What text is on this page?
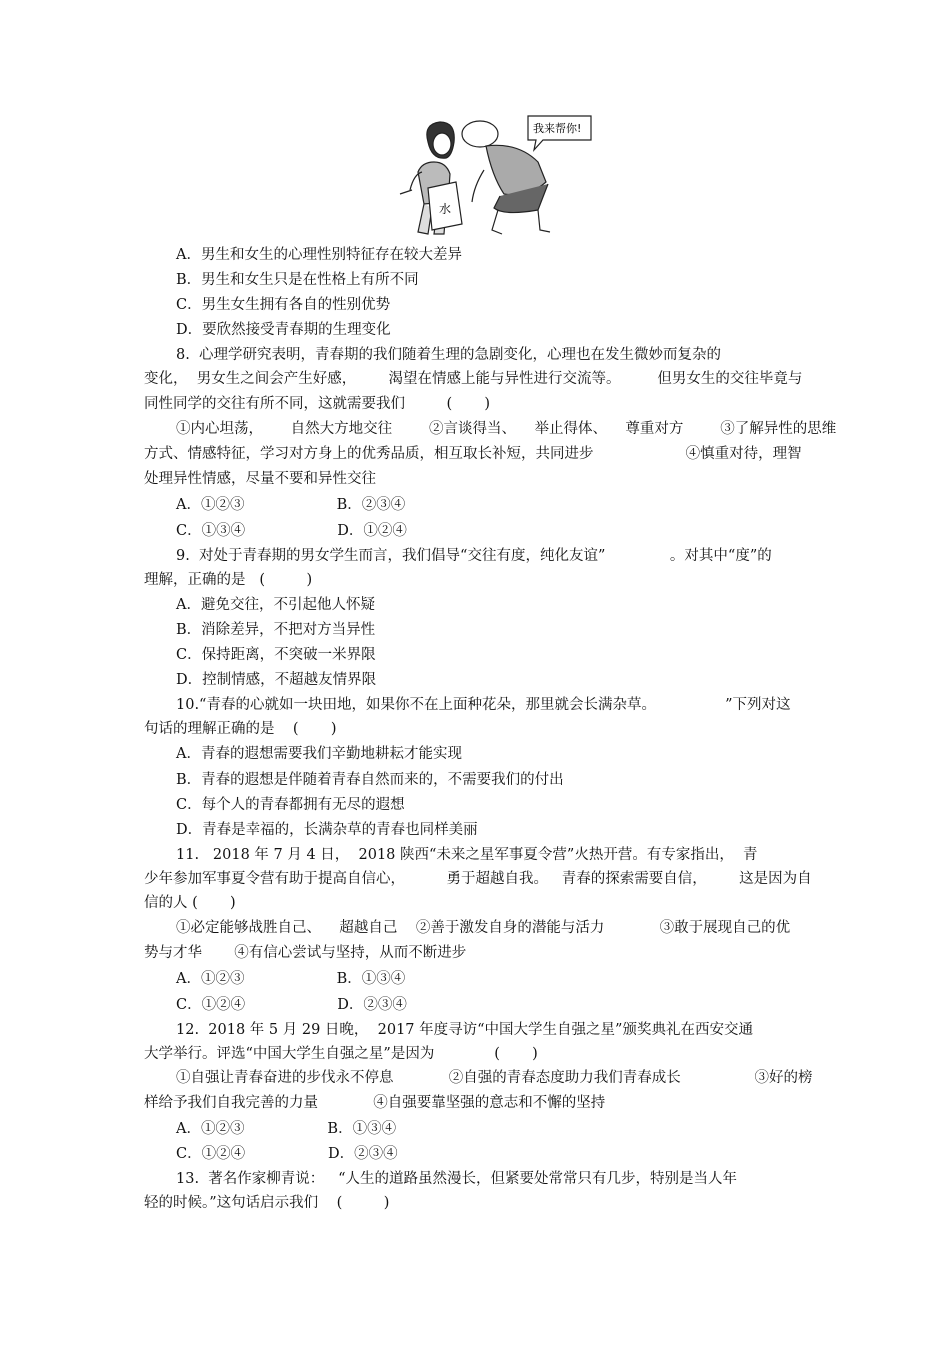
水
我来帮你!
A．男生和女生的心理性别特征存在较大差异
B．男生和女生只是在性格上有所不同
C．男生女生拥有各自的性别优势
D．要欣然接受青春期的生理变化
8.  心理学研究表明，青春期的我们随着生理的急剧变化，心理也在发生微妙而复杂的
变化，  男女生之间会产生好感，       渴望在情感上能与异性进行交流等。        但男女生的交往毕竟与
同性同学的交往有所不同，这就需要我们         (       )
①内心坦荡，      自然大方地交往        ②言谈得当、    举止得体、    尊重对方        ③了解异性的思维
方式、情感特征，学习对方身上的优秀品质，相互取长补短，共同进步                    ④慎重对待，理智
处理异性情感，尽量不要和异性交往
A．①②③                    B．②③④
C．①③④                    D．①②④
9.  对处于青春期的男女学生而言，我们倡导“交往有度，纯化友谊”              。对其中“度”的
理解，正确的是   (         )
A．避免交往，不引起他人怀疑
B．消除差异，不把对方当异性
C．保持距离，不突破一米界限
D．控制情感，不超越友情界限
10.“青春的心就如一块田地，如果你不在上面种花朵，那里就会长满杂草。               ”下列对这
句话的理解正确的是    (       )
A．青春的遐想需要我们辛勤地耕耘才能实现
B．青春的遐想是伴随着青春自然而来的，不需要我们的付出
C．每个人的青春都拥有无尽的遐想
D．青春是幸福的，长满杂草的青春也同样美丽
11.   2018 年 7 月 4 日，  2018 陕西“未来之星军事夏令营”火热开营。有专家指出，  青
少年参加军事夏令营有助于提高自信心，         勇于超越自我。   青春的探索需要自信，       这是因为自
信的人 (       )
①必定能够战胜自己、    超越自己    ②善于激发自身的潜能与活力            ③敢于展现自己的优
势与才华       ④有信心尝试与坚持，从而不断进步
A．①②③                    B．①③④
C．①②④                    D．②③④
12.  2018 年 5 月 29 日晚，  2017 年度寻访“中国大学生自强之星”颁奖典礼在西安交通
大学举行。评选“中国大学生自强之星”是因为             (       )
①自强让青春奋进的步伐永不停息            ②自强的青春态度助力我们青春成长                ③好的榜
样给予我们自我完善的力量            ④自强要靠坚强的意志和不懈的坚持
A．①②③                  B．①③④
C．①②④                  D．②③④
13.  著名作家柳青说：   “人生的道路虽然漫长，但紧要处常常只有几步，特别是当人年
轻的时候。”这句话启示我们    (         )
